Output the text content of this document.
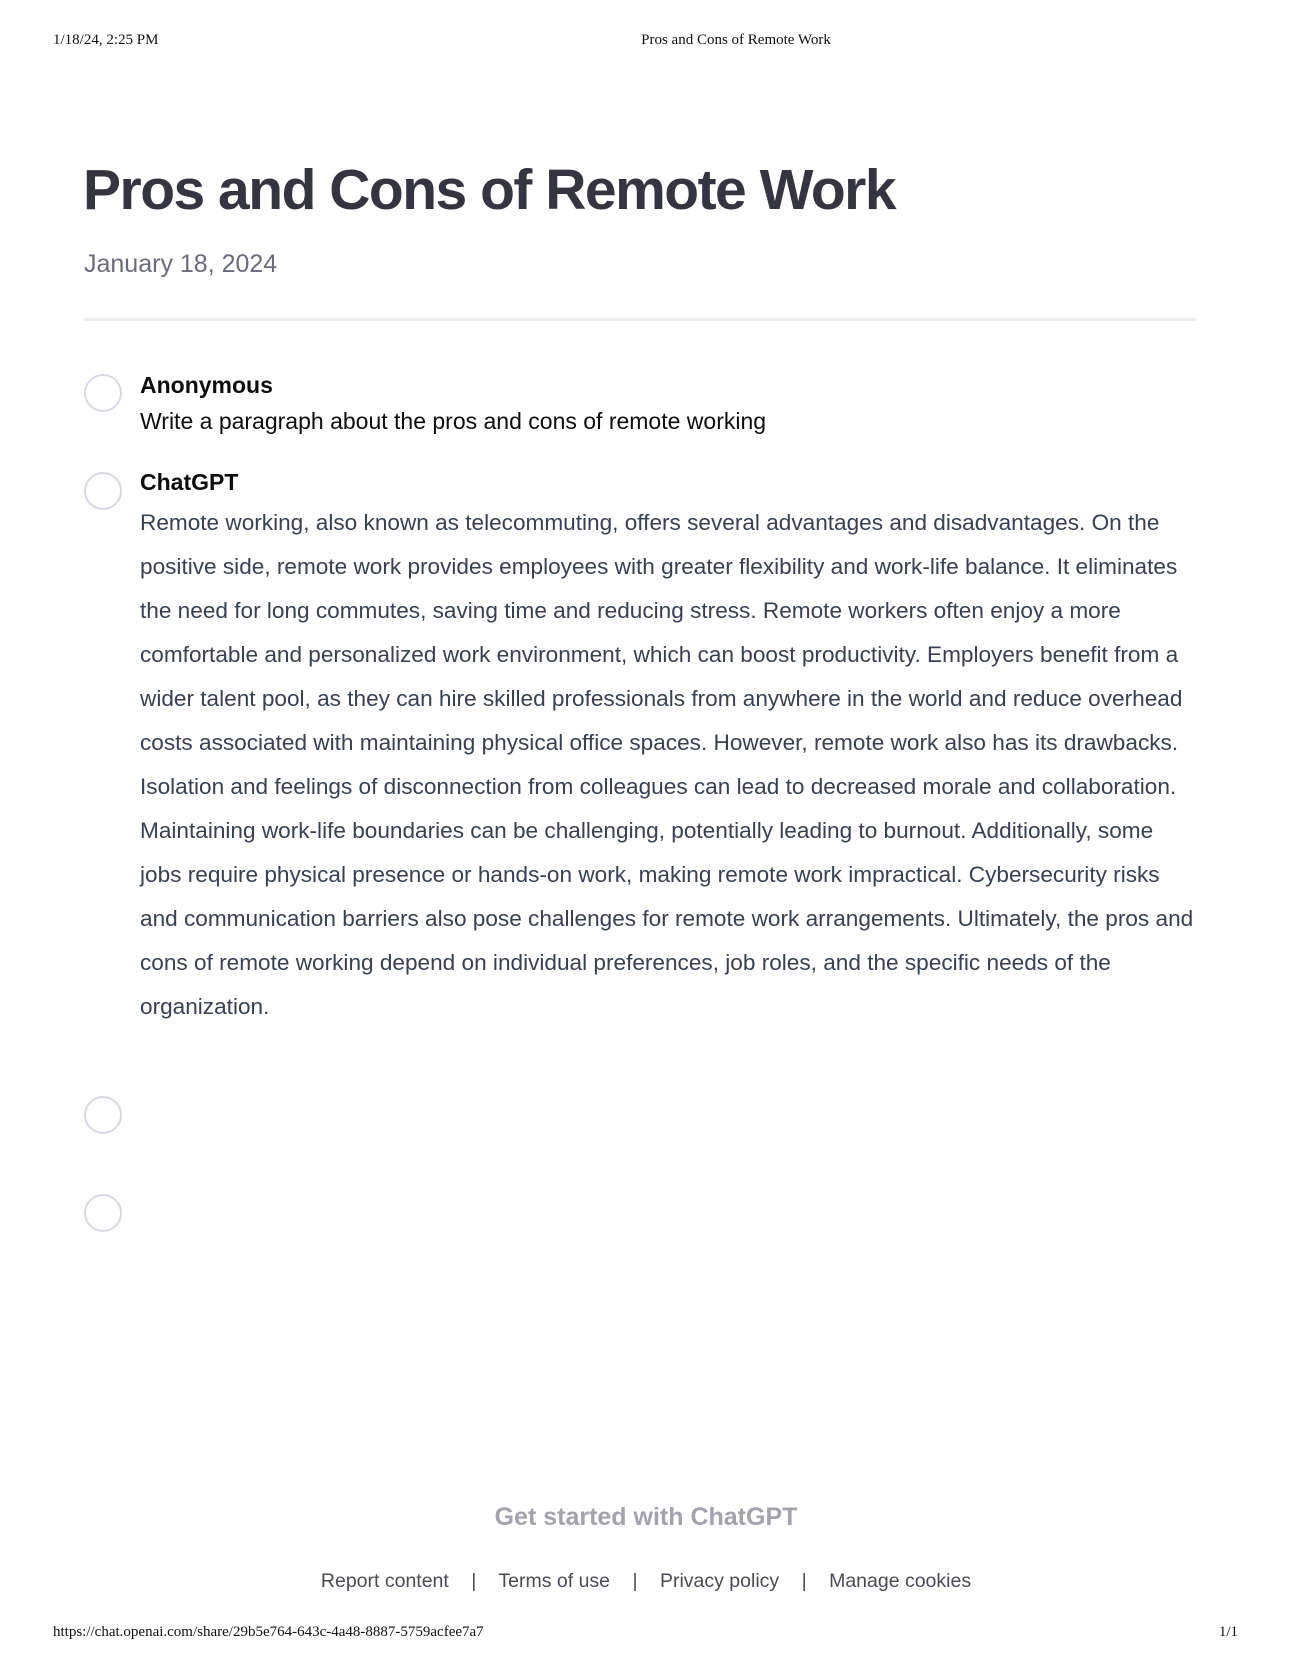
1/18/24, 2:25 PM	Pros and Cons of Remote Work
Pros and Cons of Remote Work
January 18, 2024
Anonymous
Write a paragraph about the pros and cons of remote working
ChatGPT

Remote working, also known as telecommuting, offers several advantages and disadvantages. On the positive side, remote work provides employees with greater flexibility and work-life balance. It eliminates the need for long commutes, saving time and reducing stress. Remote workers often enjoy a more comfortable and personalized work environment, which can boost productivity. Employers benefit from a wider talent pool, as they can hire skilled professionals from anywhere in the world and reduce overhead costs associated with maintaining physical office spaces. However, remote work also has its drawbacks. Isolation and feelings of disconnection from colleagues can lead to decreased morale and collaboration. Maintaining work-life boundaries can be challenging, potentially leading to burnout. Additionally, some jobs require physical presence or hands-on work, making remote work impractical. Cybersecurity risks and communication barriers also pose challenges for remote work arrangements. Ultimately, the pros and cons of remote working depend on individual preferences, job roles, and the specific needs of the organization.

Get started with ChatGPT
Report content | Terms of use | Privacy policy | Manage cookies
https://chat.openai.com/share/29b5e764-643c-4a48-8887-5759acfee7a7	1/1
